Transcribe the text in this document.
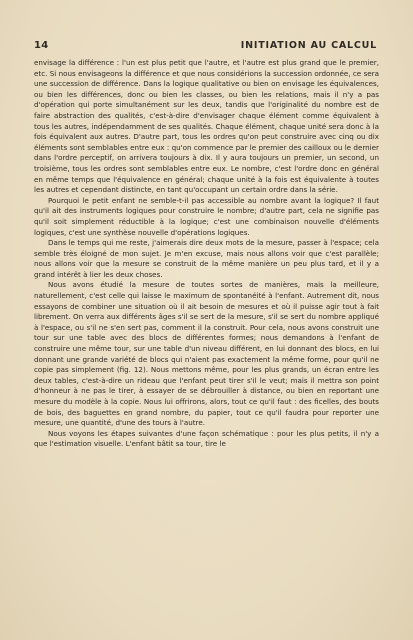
14	INITIATION AU CALCUL

envisage la différence : l'un est plus petit que l'autre, et l'autre est plus grand que le premier, etc. Si nous envisageons la différence et que nous considérions la succession ordonnée, ce sera une succession de différence. Dans la logique qualitative ou bien on envisage les équivalences, ou bien les différences, donc ou bien les classes, ou bien les relations, mais il n'y a pas d'opération qui porte simultanément sur les deux, tandis que l'originalité du nombre est de faire abstraction des qualités, c'est-à-dire d'envisager chaque élément comme équivalent à tous les autres, indépendamment de ses qualités. Chaque élément, chaque unité sera donc à la fois équivalent aux autres. D'autre part, tous les ordres qu'on peut construire avec cinq ou dix éléments sont semblables entre eux : qu'on commence par le premier des cailloux ou le dernier dans l'ordre perceptif, on arrivera toujours à dix. Il y aura toujours un premier, un second, un troisième, tous les ordres sont semblables entre eux. Le nombre, c'est l'ordre donc en général en même temps que l'équivalence en général; chaque unité à la fois est équivalente à toutes les autres et cependant distincte, en tant qu'occupant un certain ordre dans la série.

Pourquoi le petit enfant ne semble-t-il pas accessible au nombre avant la logique? Il faut qu'il ait des instruments logiques pour construire le nombre; d'autre part, cela ne signifie pas qu'il soit simplement réductible à la logique; c'est une combinaison nouvelle d'éléments logiques, c'est une synthèse nouvelle d'opérations logiques.

Dans le temps qui me reste, j'aimerais dire deux mots de la mesure, passer à l'espace; cela semble très éloigné de mon sujet. Je m'en excuse, mais nous allons voir que c'est parallèle; nous allons voir que la mesure se construit de la même manière un peu plus tard, et il y a grand intérêt à lier les deux choses.

Nous avons étudié la mesure de toutes sortes de manières, mais la meilleure, naturellement, c'est celle qui laisse le maximum de spontanéité à l'enfant. Autrement dit, nous essayons de combiner une situation où il ait besoin de mesures et où il puisse agir tout à fait librement. On verra aux différents âges s'il se sert de la mesure, s'il se sert du nombre appliqué à l'espace, ou s'il ne s'en sert pas, comment il la construit. Pour cela, nous avons construit une tour sur une table avec des blocs de différentes formes; nous demandons à l'enfant de construire une même tour, sur une table d'un niveau différent, en lui donnant des blocs, en lui donnant une grande variété de blocs qui n'aient pas exactement la même forme, pour qu'il ne copie pas simplement (fig. 12). Nous mettons même, pour les plus grands, un écran entre les deux tables, c'est-à-dire un rideau que l'enfant peut tirer s'il le veut; mais il mettra son point d'honneur à ne pas le tirer, à essayer de se débrouiller à distance, ou bien en reportant une mesure du modèle à la copie. Nous lui offrirons, alors, tout ce qu'il faut : des ficelles, des bouts de bois, des baguettes en grand nombre, du papier, tout ce qu'il faudra pour reporter une mesure, une quantité, d'une des tours à l'autre.

Nous voyons les étapes suivantes d'une façon schématique : pour les plus petits, il n'y a que l'estimation visuelle. L'enfant bâtit sa tour, tire le
